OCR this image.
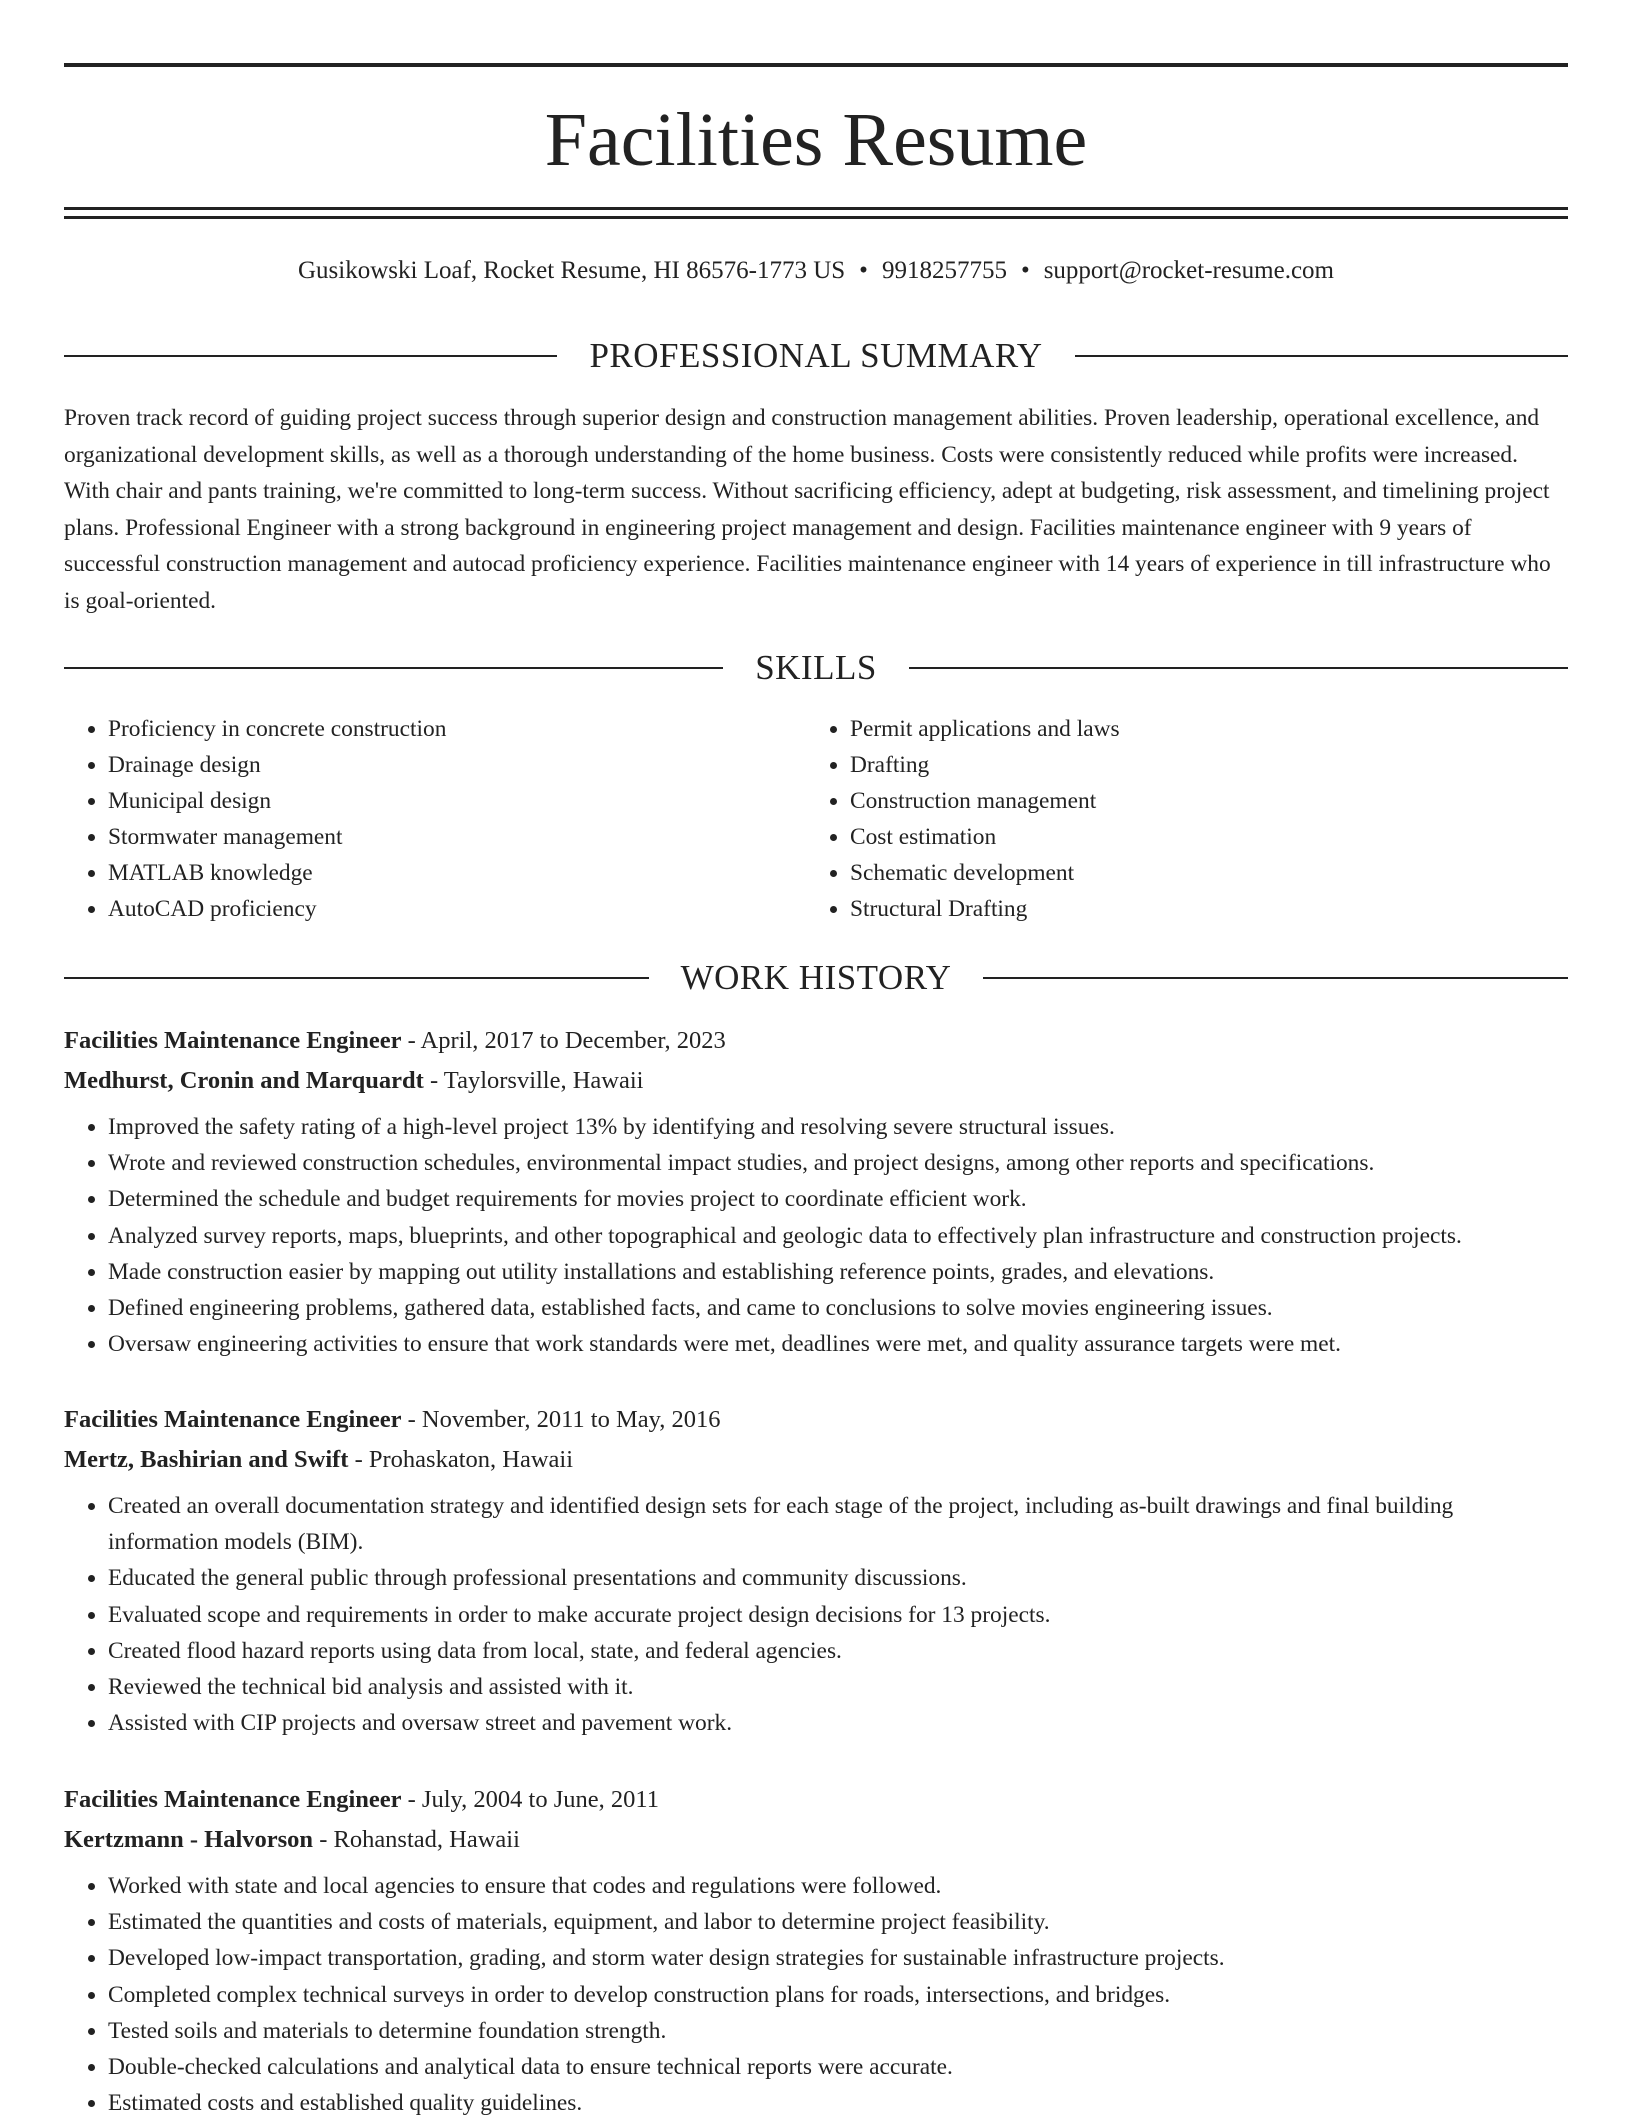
Facilities Resume
Gusikowski Loaf, Rocket Resume, HI 86576-1773 US • 9918257755 • support@rocket-resume.com
PROFESSIONAL SUMMARY

Proven track record of guiding project success through superior design and construction management abilities. Proven leadership, operational excellence, and organizational development skills, as well as a thorough understanding of the home business. Costs were consistently reduced while profits were increased. With chair and pants training, we're committed to long-term success. Without sacrificing efficiency, adept at budgeting, risk assessment, and timelining project plans. Professional Engineer with a strong background in engineering project management and design. Facilities maintenance engineer with 9 years of successful construction management and autocad proficiency experience. Facilities maintenance engineer with 14 years of experience in till infrastructure who is goal-oriented.

SKILLS
• Proficiency in concrete construction
• Drainage design
• Municipal design
• Stormwater management
• MATLAB knowledge
• AutoCAD proficiency
• Permit applications and laws
• Drafting
• Construction management
• Cost estimation
• Schematic development
• Structural Drafting
WORK HISTORY

Facilities Maintenance Engineer - April, 2017 to December, 2023

Medhurst, Cronin and Marquardt - Taylorsville, Hawaii

• Improved the safety rating of a high-level project 13% by identifying and resolving severe structural issues.
• Wrote and reviewed construction schedules, environmental impact studies, and project designs, among other reports and specifications.
• Determined the schedule and budget requirements for movies project to coordinate efficient work.
• Analyzed survey reports, maps, blueprints, and other topographical and geologic data to effectively plan infrastructure and construction projects.
• Made construction easier by mapping out utility installations and establishing reference points, grades, and elevations.
• Defined engineering problems, gathered data, established facts, and came to conclusions to solve movies engineering issues.
• Oversaw engineering activities to ensure that work standards were met, deadlines were met, and quality assurance targets were met.

Facilities Maintenance Engineer - November, 2011 to May, 2016

Mertz, Bashirian and Swift - Prohaskaton, Hawaii

• Created an overall documentation strategy and identified design sets for each stage of the project, including as-built drawings and final building information models (BIM).
• Educated the general public through professional presentations and community discussions.
• Evaluated scope and requirements in order to make accurate project design decisions for 13 projects.
• Created flood hazard reports using data from local, state, and federal agencies.
• Reviewed the technical bid analysis and assisted with it.
• Assisted with CIP projects and oversaw street and pavement work.

Facilities Maintenance Engineer - July, 2004 to June, 2011

Kertzmann - Halvorson - Rohanstad, Hawaii

• Worked with state and local agencies to ensure that codes and regulations were followed.
• Estimated the quantities and costs of materials, equipment, and labor to determine project feasibility.
• Developed low-impact transportation, grading, and storm water design strategies for sustainable infrastructure projects.
• Completed complex technical surveys in order to develop construction plans for roads, intersections, and bridges.
• Tested soils and materials to determine foundation strength.
• Double-checked calculations and analytical data to ensure technical reports were accurate.
• Estimated costs and established quality guidelines.
